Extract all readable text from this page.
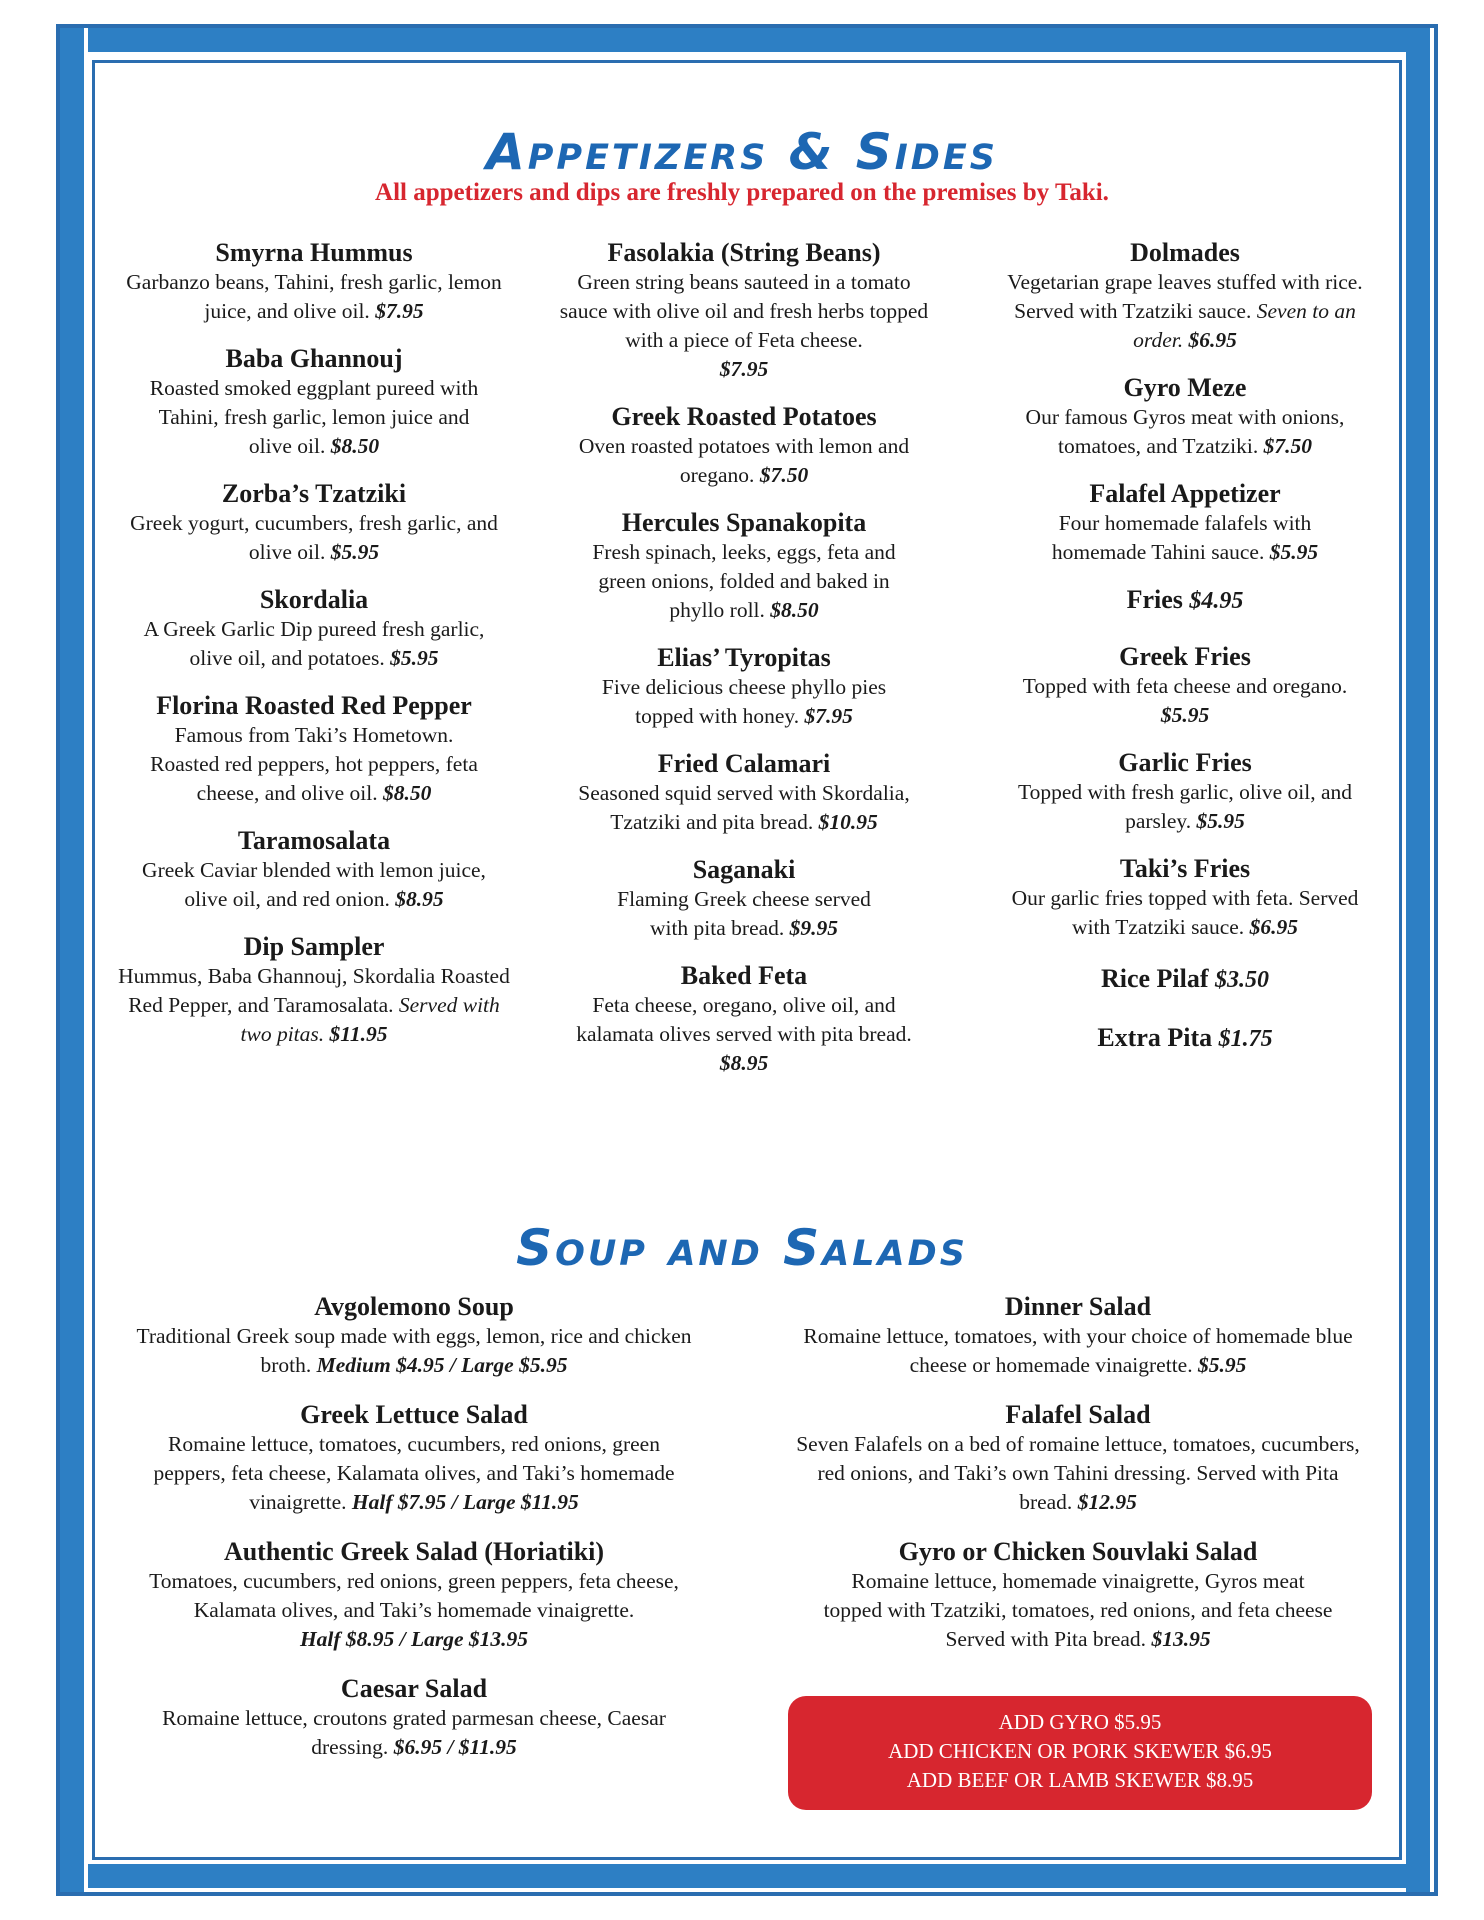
Appetizers & Sides
All appetizers and dips are freshly prepared on the premises by Taki.
Smyrna Hummus
Garbanzo beans, Tahini, fresh garlic, lemon juice, and olive oil. $7.95
Baba Ghannouj
Roasted smoked eggplant pureed with Tahini, fresh garlic, lemon juice and olive oil. $8.50
Zorba’s Tzatziki
Greek yogurt, cucumbers, fresh garlic, and olive oil. $5.95
Skordalia
A Greek Garlic Dip pureed fresh garlic, olive oil, and potatoes. $5.95
Florina Roasted Red Pepper
Famous from Taki’s Hometown. Roasted red peppers, hot peppers, feta cheese, and olive oil. $8.50
Taramosalata
Greek Caviar blended with lemon juice, olive oil, and red onion. $8.95
Dip Sampler
Hummus, Baba Ghannouj, Skordalia Roasted Red Pepper, and Taramosalata. Served with two pitas. $11.95
Fasolakia (String Beans)
Green string beans sauteed in a tomato sauce with olive oil and fresh herbs topped with a piece of Feta cheese.
$7.95
Greek Roasted Potatoes
Oven roasted potatoes with lemon and oregano. $7.50
Hercules Spanakopita
Fresh spinach, leeks, eggs, feta and green onions, folded and baked in phyllo roll. $8.50
Elias’ Tyropitas
Five delicious cheese phyllo pies topped with honey. $7.95
Fried Calamari
Seasoned squid served with Skordalia, Tzatziki and pita bread. $10.95
Saganaki
Flaming Greek cheese served with pita bread. $9.95
Baked Feta
Feta cheese, oregano, olive oil, and kalamata olives served with pita bread.
$8.95
Dolmades
Vegetarian grape leaves stuffed with rice. Served with Tzatziki sauce. Seven to an order. $6.95
Gyro Meze
Our famous Gyros meat with onions, tomatoes, and Tzatziki. $7.50
Falafel Appetizer
Four homemade falafels with homemade Tahini sauce. $5.95
Fries $4.95
Greek Fries
Topped with feta cheese and oregano.
$5.95
Garlic Fries
Topped with fresh garlic, olive oil, and parsley. $5.95
Taki’s Fries
Our garlic fries topped with feta. Served with Tzatziki sauce. $6.95
Rice Pilaf $3.50
Extra Pita $1.75
Soup and Salads
Avgolemono Soup
Traditional Greek soup made with eggs, lemon, rice and chicken broth. Medium $4.95 / Large $5.95
Greek Lettuce Salad
Romaine lettuce, tomatoes, cucumbers, red onions, green peppers, feta cheese, Kalamata olives, and Taki’s homemade vinaigrette. Half $7.95 / Large $11.95
Authentic Greek Salad (Horiatiki)
Tomatoes, cucumbers, red onions, green peppers, feta cheese, Kalamata olives, and Taki’s homemade vinaigrette.
Half $8.95 / Large $13.95
Caesar Salad
Romaine lettuce, croutons grated parmesan cheese, Caesar dressing. $6.95 / $11.95
Dinner Salad
Romaine lettuce, tomatoes, with your choice of homemade blue cheese or homemade vinaigrette. $5.95
Falafel Salad
Seven Falafels on a bed of romaine lettuce, tomatoes, cucumbers, red onions, and Taki’s own Tahini dressing. Served with Pita bread. $12.95
Gyro or Chicken Souvlaki Salad
Romaine lettuce, homemade vinaigrette, Gyros meat topped with Tzatziki, tomatoes, red onions, and feta cheese Served with Pita bread. $13.95
ADD GYRO $5.95
ADD CHICKEN OR PORK SKEWER $6.95
ADD BEEF OR LAMB SKEWER $8.95
